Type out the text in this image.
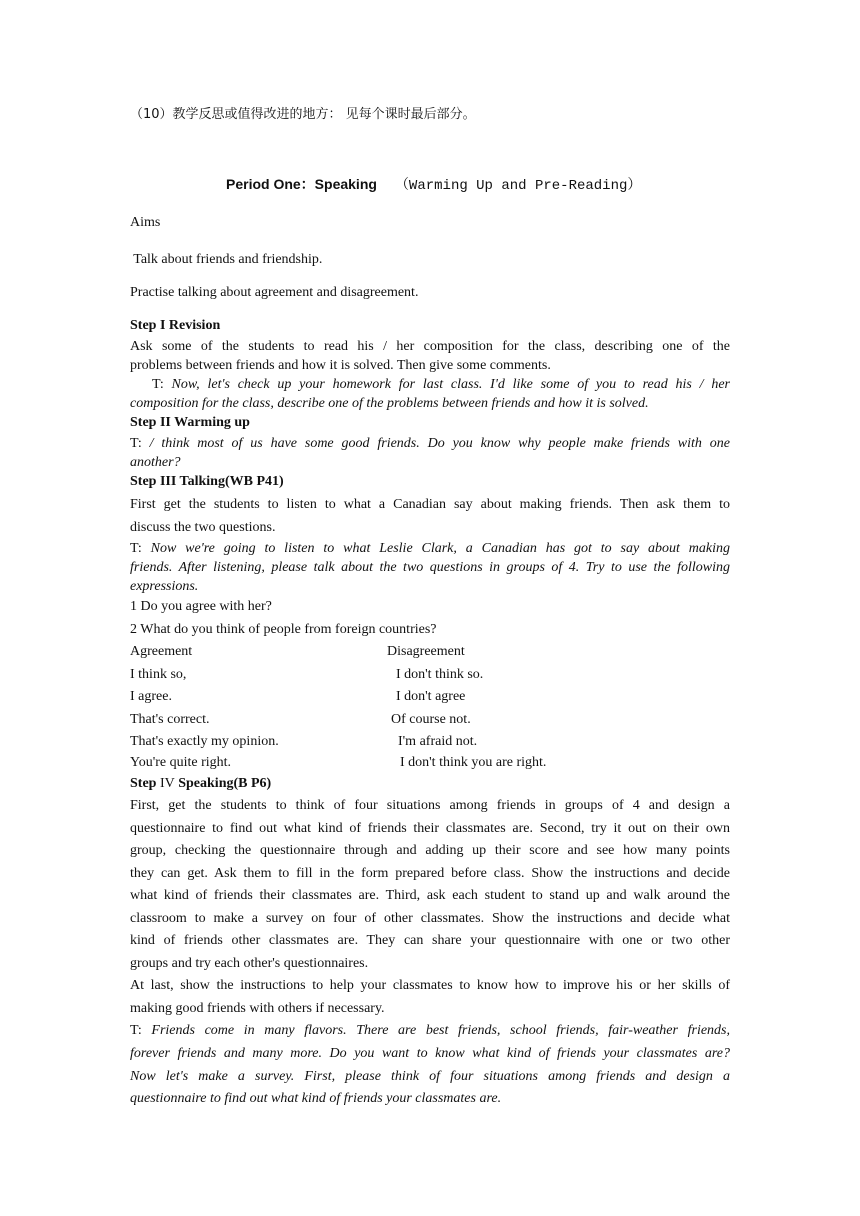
（10）教学反思或值得改进的地方： 见每个课时最后部分。
Period One：Speaking （Warming Up and Pre-Reading）
Aims
Talk about friends and friendship.
Practise talking about agreement and disagreement.
Step I Revision
Ask some of the students to read his / her composition for the class, describing one of the
problems between friends and how it is solved. Then give some comments.
T: Now, let's check up your homework for last class. I'd like some of you to read his / her
composition for the class, describe one of the problems between friends and how it is solved.
Step II Warming up
T: / think most of us have some good friends. Do you know why people make friends with one
another?
Step III Talking(WB P41)
First get the students to listen to what a Canadian say about making friends. Then ask them to
discuss the two questions.
T: Now we're going to listen to what Leslie Clark, a Canadian has got to say about making
friends. After listening, please talk about the two questions in groups of 4. Try to use the following
expressions.
1 Do you agree with her?
2 What do you think of people from foreign countries?
Agreement	Disagreement
I think so,	I don't think so.
I agree.	I don't agree
That's correct.	Of course not.
That's exactly my opinion.	I'm afraid not.
You're quite right.	I don't think you are right.
Step IV Speaking(B P6)
First, get the students to think of four situations among friends in groups of 4 and design a
questionnaire to find out what kind of friends their classmates are. Second, try it out on their own
group, checking the questionnaire through and adding up their score and see how many points
they can get. Ask them to fill in the form prepared before class. Show the instructions and decide
what kind of friends their classmates are. Third, ask each student to stand up and walk around the
classroom to make a survey on four of other classmates. Show the instructions and decide what
kind of friends other classmates are. They can share your questionnaire with one or two other
groups and try each other's questionnaires.
At last, show the instructions to help your classmates to know how to improve his or her skills of
making good friends with others if necessary.
T: Friends come in many flavors. There are best friends, school friends, fair-weather friends,
forever friends and many more. Do you want to know what kind of friends your classmates are?
Now let's make a survey. First, please think of four situations among friends and design a
questionnaire to find out what kind of friends your classmates are.
